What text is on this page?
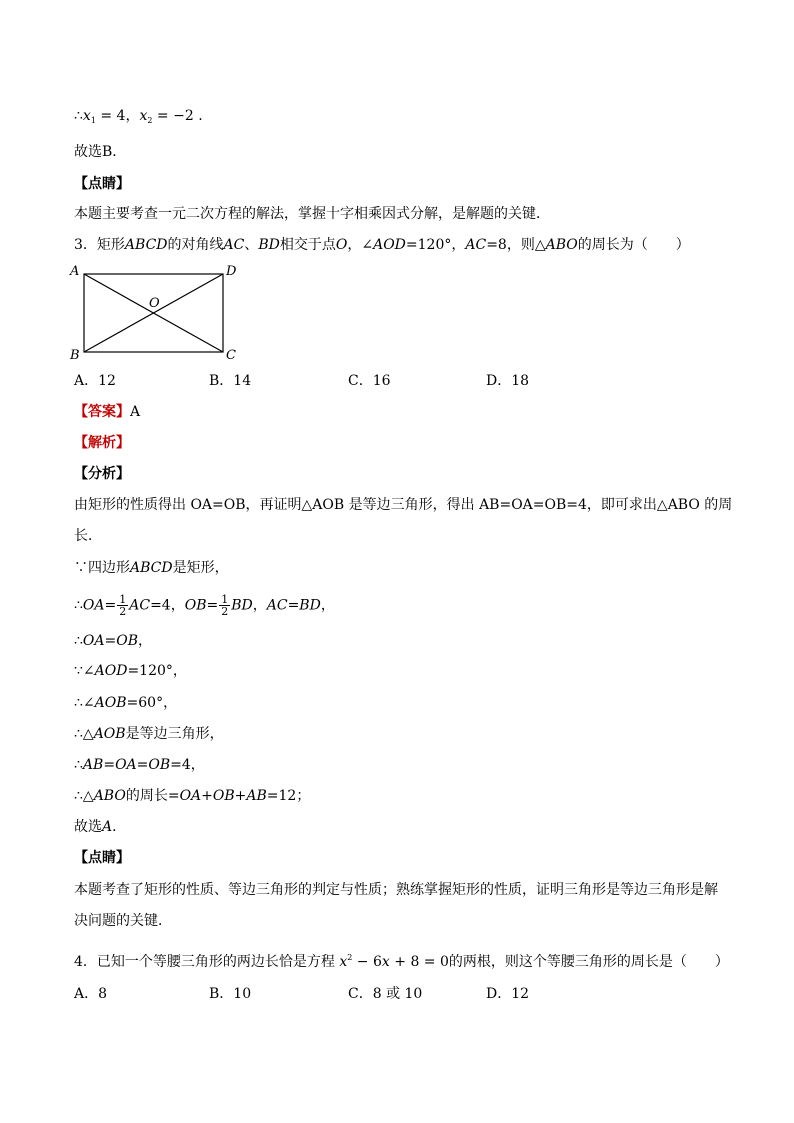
$\therefore x_1 = 4$，$x_2 = -2$ .
故选B．
【点睛】
本题主要考查一元二次方程的解法，掌握十字相乘因式分解，是解题的关键．
3．矩形ABCD的对角线AC、BD相交于点O，∠AOD=120°，AC=8，则△ABO的周长为（　　）
A	D
B	C
O
A．12	B．14	C．16	D．18
【答案】A
【解析】
【分析】
由矩形的性质得出 OA=OB，再证明△AOB 是等边三角形，得出 AB=OA=OB=4，即可求出△ABO 的周
长．
∵四边形ABCD是矩形，
∴OA= $\frac{1}{2} AC=4$，$OB= \frac{1}{2}$ BD，AC=BD，
∴OA=OB，
∵∠AOD=120°，
∴∠AOB=60°，
∴△AOB是等边三角形，
∴AB=OA=OB=4，
∴△ABO的周长=OA+OB+AB=12；
故选A．
【点睛】
本题考查了矩形的性质、等边三角形的判定与性质；熟练掌握矩形的性质，证明三角形是等边三角形是解
决问题的关键．
4．已知一个等腰三角形的两边长恰是方程 $x^2 - 6x + 8 = 0$的两根，则这个等腰三角形的周长是（　　）
A．8	B．10	C．8 或 10	D．12
